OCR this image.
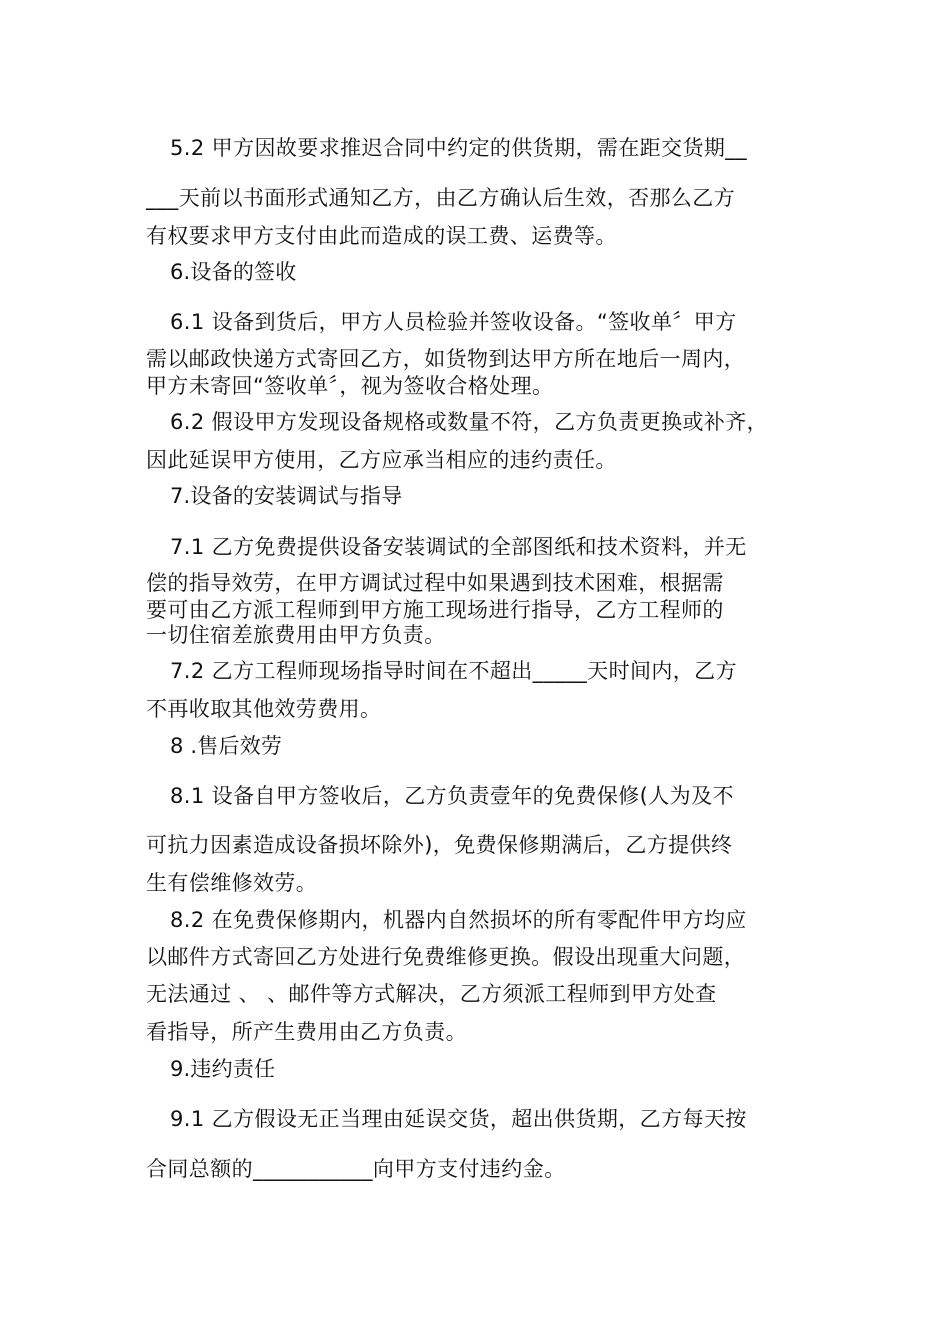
5.2 甲方因故要求推迟合同中约定的供货期，需在距交货期__
___天前以书面形式通知乙方，由乙方确认后生效，否那么乙方
有权要求甲方支付由此而造成的误工费、运费等。
6.设备的签收
6.1 设备到货后，甲方人员检验并签收设备。“签收单〞甲方
需以邮政快递方式寄回乙方，如货物到达甲方所在地后一周内，
甲方未寄回“签收单〞，视为签收合格处理。
6.2 假设甲方发现设备规格或数量不符，乙方负责更换或补齐，
因此延误甲方使用，乙方应承当相应的违约责任。
7.设备的安装调试与指导
7.1 乙方免费提供设备安装调试的全部图纸和技术资料，并无
偿的指导效劳，在甲方调试过程中如果遇到技术困难，根据需
要可由乙方派工程师到甲方施工现场进行指导，乙方工程师的
一切住宿差旅费用由甲方负责。
7.2 乙方工程师现场指导时间在不超出_____天时间内，乙方
不再收取其他效劳费用。
8 .售后效劳
8.1 设备自甲方签收后，乙方负责壹年的免费保修(人为及不
可抗力因素造成设备损坏除外)，免费保修期满后，乙方提供终
生有偿维修效劳。
8.2 在免费保修期内，机器内自然损坏的所有零配件甲方均应
以邮件方式寄回乙方处进行免费维修更换。假设出现重大问题，
无法通过 、 、邮件等方式解决，乙方须派工程师到甲方处查
看指导，所产生费用由乙方负责。
9.违约责任
9.1 乙方假设无正当理由延误交货，超出供货期，乙方每天按
合同总额的___________向甲方支付违约金。
